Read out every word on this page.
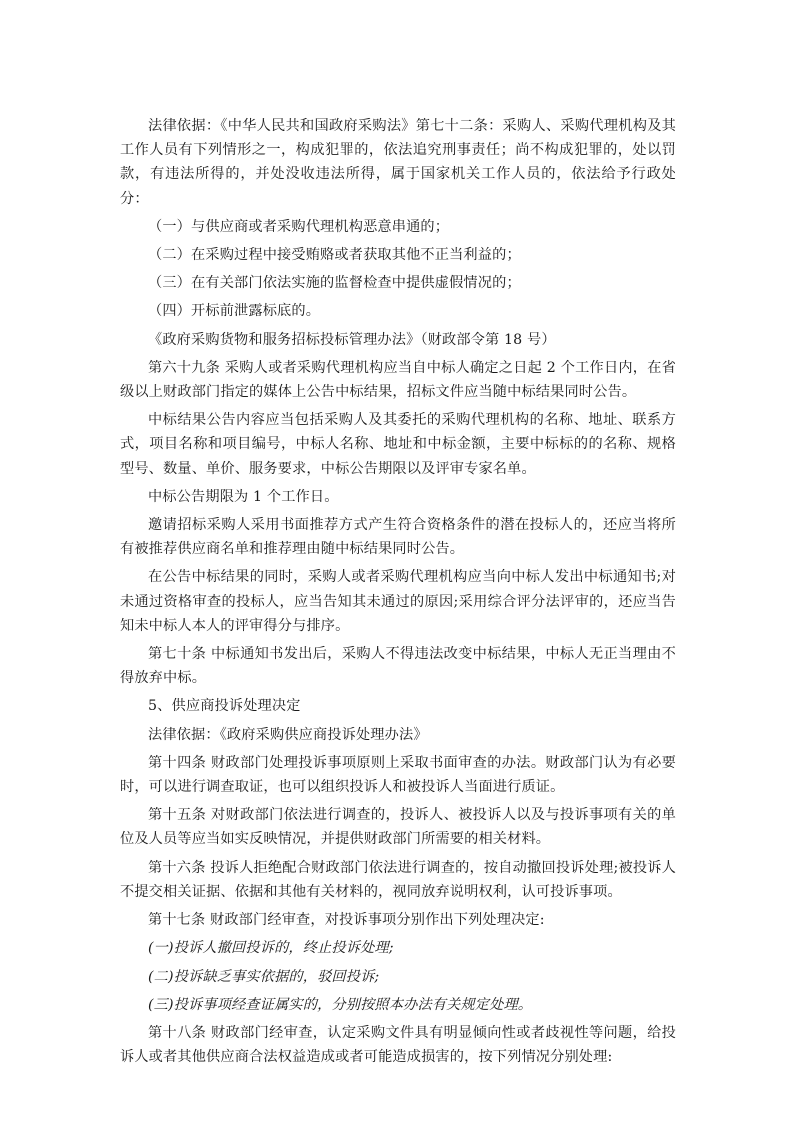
法律依据：《中华人民共和国政府采购法》第七十二条：采购人、采购代理机构及其工作人员有下列情形之一，构成犯罪的，依法追究刑事责任；尚不构成犯罪的，处以罚款，有违法所得的，并处没收违法所得，属于国家机关工作人员的，依法给予行政处分：

（一）与供应商或者采购代理机构恶意串通的；

（二）在采购过程中接受贿赂或者获取其他不正当利益的；

（三）在有关部门依法实施的监督检查中提供虚假情况的；

（四）开标前泄露标底的。

《政府采购货物和服务招标投标管理办法》（财政部令第 18 号）

第六十九条 采购人或者采购代理机构应当自中标人确定之日起 2 个工作日内，在省级以上财政部门指定的媒体上公告中标结果，招标文件应当随中标结果同时公告。

中标结果公告内容应当包括采购人及其委托的采购代理机构的名称、地址、联系方式，项目名称和项目编号，中标人名称、地址和中标金额，主要中标标的的名称、规格型号、数量、单价、服务要求，中标公告期限以及评审专家名单。

中标公告期限为 1 个工作日。

邀请招标采购人采用书面推荐方式产生符合资格条件的潜在投标人的，还应当将所有被推荐供应商名单和推荐理由随中标结果同时公告。

在公告中标结果的同时，采购人或者采购代理机构应当向中标人发出中标通知书;对未通过资格审查的投标人，应当告知其未通过的原因;采用综合评分法评审的，还应当告知未中标人本人的评审得分与排序。

第七十条 中标通知书发出后，采购人不得违法改变中标结果，中标人无正当理由不得放弃中标。

5、供应商投诉处理决定

法律依据：《政府采购供应商投诉处理办法》

第十四条 财政部门处理投诉事项原则上采取书面审查的办法。财政部门认为有必要时，可以进行调查取证，也可以组织投诉人和被投诉人当面进行质证。

第十五条 对财政部门依法进行调查的，投诉人、被投诉人以及与投诉事项有关的单位及人员等应当如实反映情况，并提供财政部门所需要的相关材料。

第十六条 投诉人拒绝配合财政部门依法进行调查的，按自动撤回投诉处理;被投诉人不提交相关证据、依据和其他有关材料的，视同放弃说明权利，认可投诉事项。

第十七条 财政部门经审查，对投诉事项分别作出下列处理决定:

(一)投诉人撤回投诉的，终止投诉处理;

(二)投诉缺乏事实依据的，驳回投诉;

(三)投诉事项经查证属实的，分别按照本办法有关规定处理。

第十八条 财政部门经审查，认定采购文件具有明显倾向性或者歧视性等问题，给投诉人或者其他供应商合法权益造成或者可能造成损害的，按下列情况分别处理:
